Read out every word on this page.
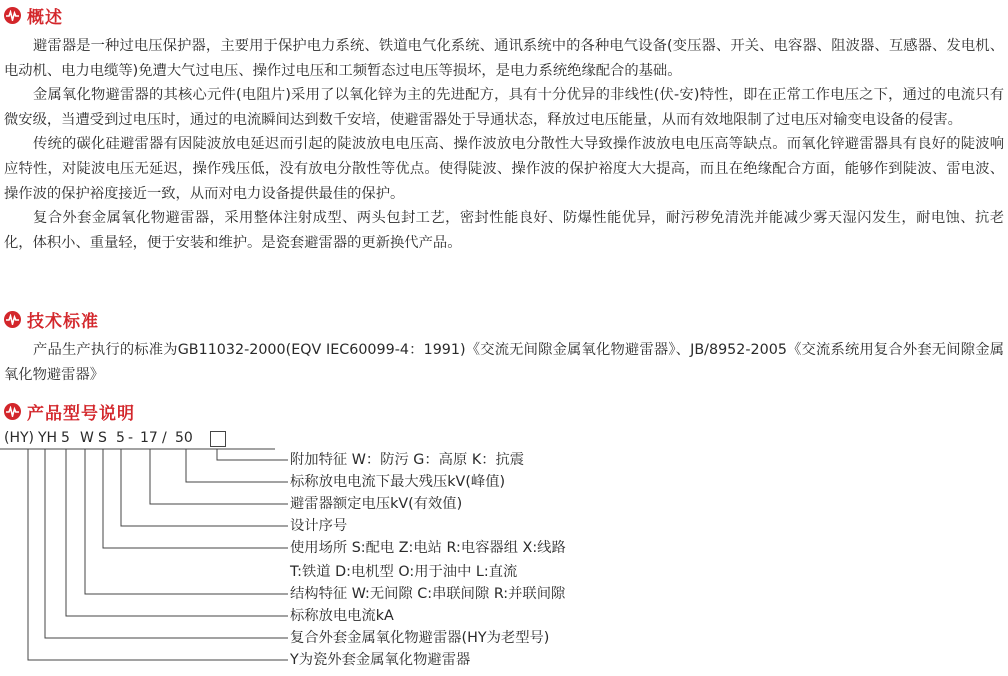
概述

避雷器是一种过电压保护器，主要用于保护电力系统、铁道电气化系统、通讯系统中的各种电气设备(变压器、开关、电容器、阻波器、互感器、发电机、电动机、电力电缆等)免遭大气过电压、操作过电压和工频暂态过电压等损坏，是电力系统绝缘配合的基础。

金属氧化物避雷器的其核心元件(电阻片)采用了以氧化锌为主的先进配方，具有十分优异的非线性(伏-安)特性，即在正常工作电压之下，通过的电流只有微安级，当遭受到过电压时，通过的电流瞬间达到数千安培，使避雷器处于导通状态，释放过电压能量，从而有效地限制了过电压对输变电设备的侵害。

传统的碳化硅避雷器有因陡波放电延迟而引起的陡波放电电压高、操作波放电分散性大导致操作波放电电压高等缺点。而氧化锌避雷器具有良好的陡波响应特性，对陡波电压无延迟，操作残压低，没有放电分散性等优点。使得陡波、操作波的保护裕度大大提高，而且在绝缘配合方面，能够作到陡波、雷电波、操作波的保护裕度接近一致，从而对电力设备提供最佳的保护。

复合外套金属氧化物避雷器，采用整体注射成型、两头包封工艺，密封性能良好、防爆性能优异，耐污秽免清洗并能减少雾天湿闪发生，耐电蚀、抗老化，体积小、重量轻，便于安装和维护。是瓷套避雷器的更新换代产品。

技术标准

产品生产执行的标准为GB11032-2000(EQV IEC60099-4：1991)《交流无间隙金属氧化物避雷器》、JB/8952-2005《交流系统用复合外套无间隙金属氧化物避雷器》

产品型号说明
(HY) YH 5 W S 5 - 17 / 50
附加特征 W：防污 G：高原 K：抗震
标称放电电流下最大残压kV(峰值)
避雷器额定电压kV(有效值)
设计序号
使用场所 S:配电 Z:电站 R:电容器组 X:线路
T:铁道 D:电机型 O:用于油中 L:直流
结构特征 W:无间隙 C:串联间隙 R:并联间隙
标称放电电流kA
复合外套金属氧化物避雷器(HY为老型号)
Y为瓷外套金属氧化物避雷器
